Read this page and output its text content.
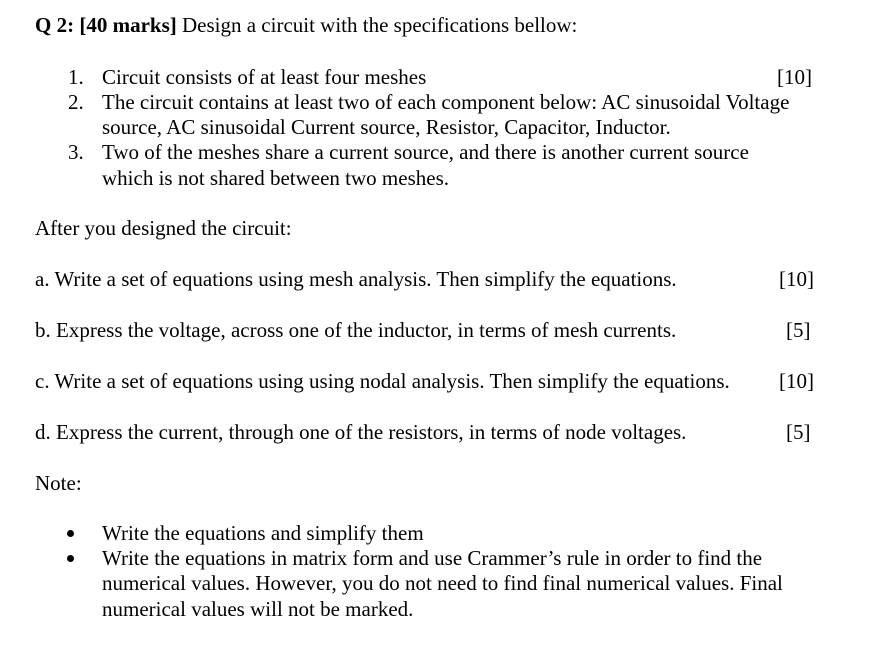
Q 2: [40 marks] Design a circuit with the specifications bellow:
1. Circuit consists of at least four meshes	[10]
2. The circuit contains at least two of each component below: AC sinusoidal Voltage
source, AC sinusoidal Current source, Resistor, Capacitor, Inductor.
3. Two of the meshes share a current source, and there is another current source
which is not shared between two meshes.
After you designed the circuit:
a. Write a set of equations using mesh analysis. Then simplify the equations.	[10]
b. Express the voltage, across one of the inductor, in terms of mesh currents.	[5]
c. Write a set of equations using using nodal analysis. Then simplify the equations. [10]
d. Express the current, through one of the resistors, in terms of node voltages.	[5]
Note:
Write the equations and simplify them
Write the equations in matrix form and use Crammer’s rule in order to find the
numerical values. However, you do not need to find final numerical values. Final
numerical values will not be marked.
